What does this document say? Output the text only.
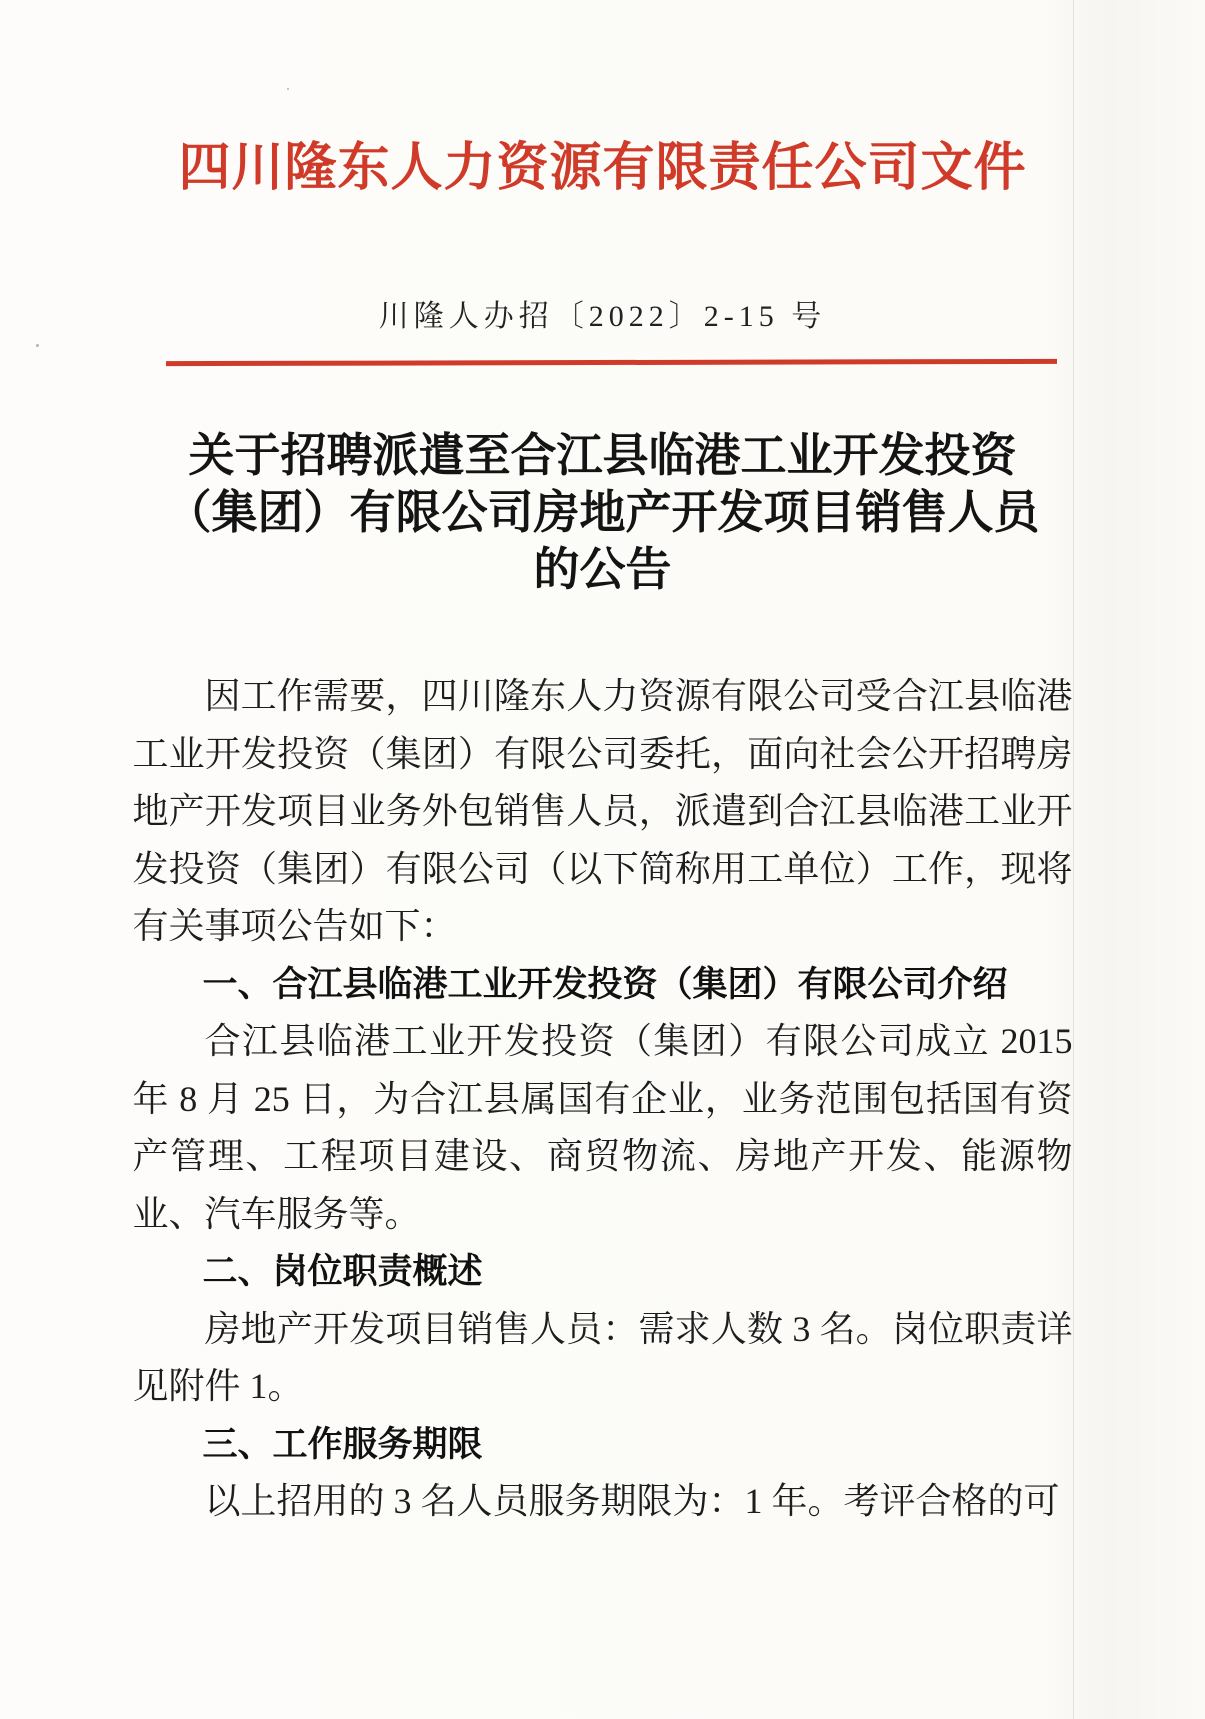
四川隆东人力资源有限责任公司文件
川隆人办招〔2022〕2-15 号
关于招聘派遣至合江县临港工业开发投资
（集团）有限公司房地产开发项目销售人员
的公告

因工作需要，四川隆东人力资源有限公司受合江县临港工业开发投资（集团）有限公司委托，面向社会公开招聘房地产开发项目业务外包销售人员，派遣到合江县临港工业开发投资（集团）有限公司（以下简称用工单位）工作，现将有关事项公告如下：

一、合江县临港工业开发投资（集团）有限公司介绍

合江县临港工业开发投资（集团）有限公司成立 2015 年 8 月 25 日，为合江县属国有企业，业务范围包括国有资产管理、工程项目建设、商贸物流、房地产开发、能源物业、汽车服务等。

二、岗位职责概述

房地产开发项目销售人员：需求人数 3 名。岗位职责详见附件 1。

三、工作服务期限

以上招用的 3 名人员服务期限为：1 年。考评合格的可
